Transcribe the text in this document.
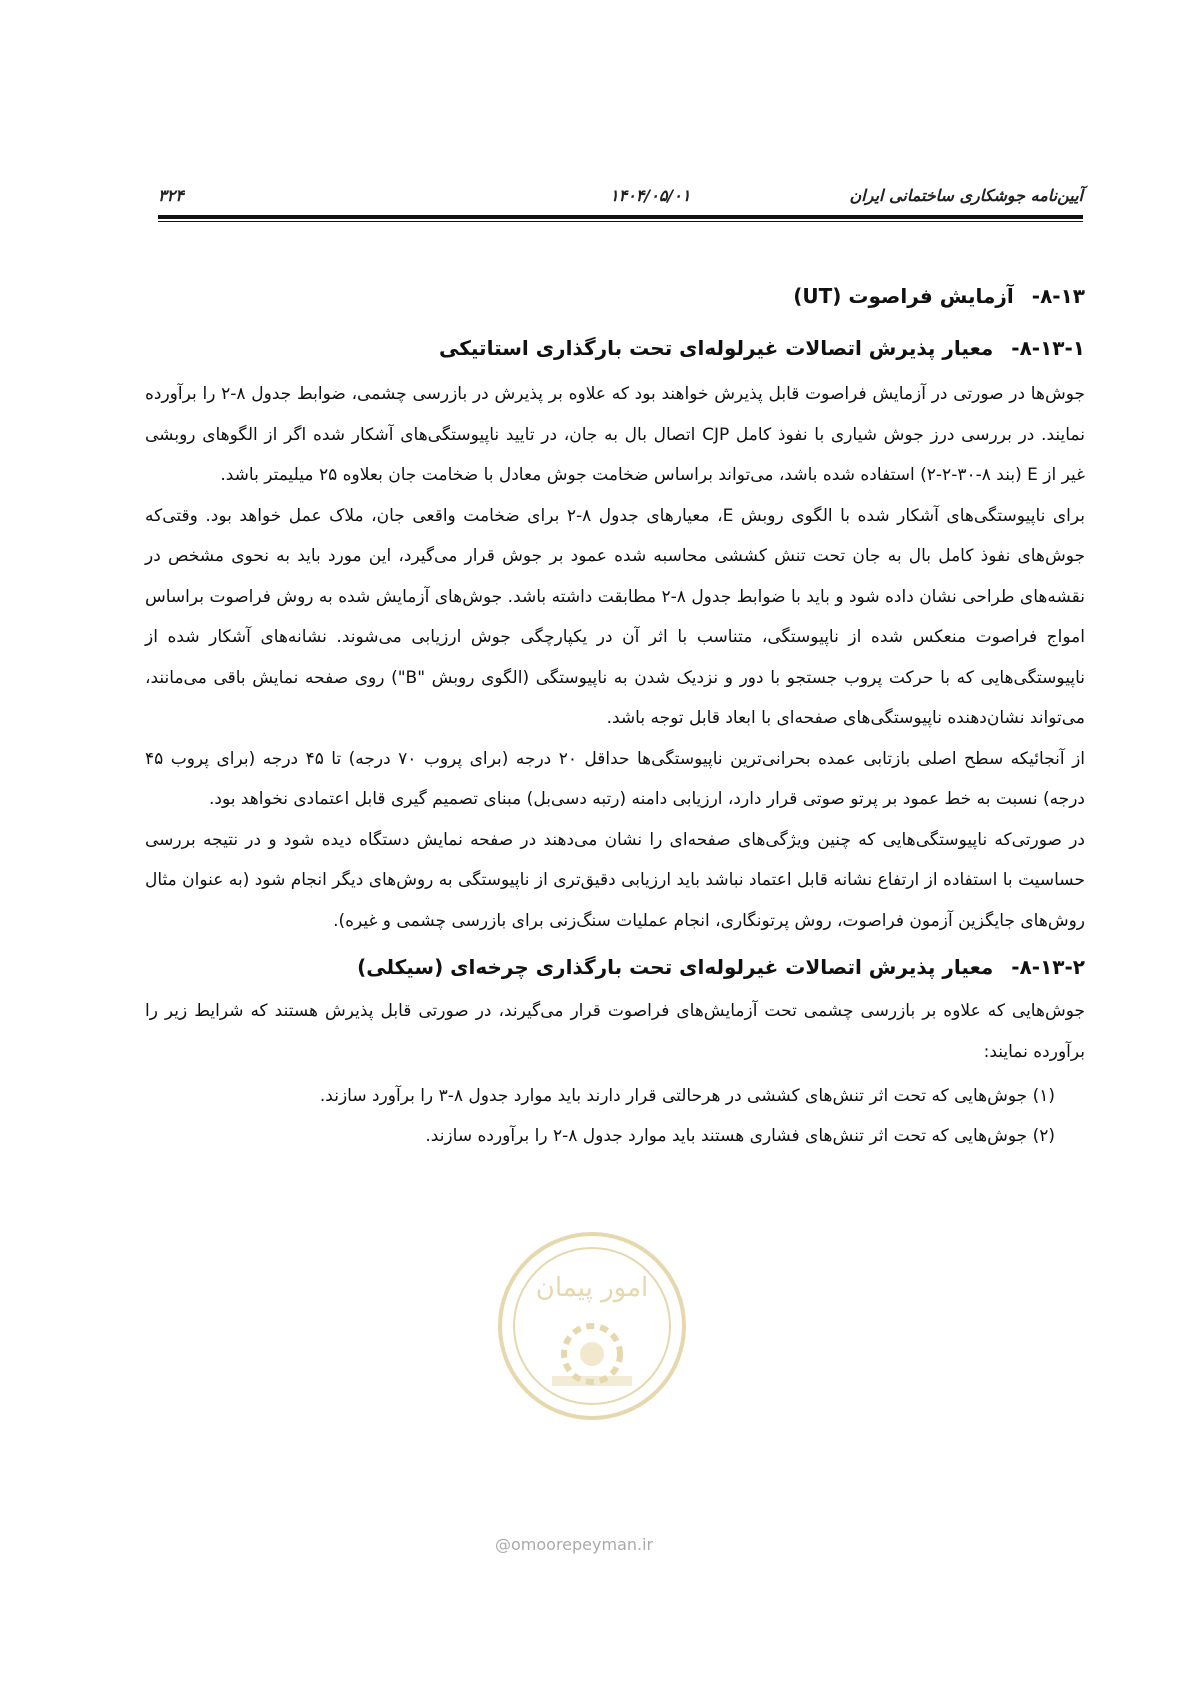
۳۲۴	۱۴۰۴/۰۵/۰۱	آیین‌نامه جوشکاری ساختمانی ایران
۸-۱۳-آزمایش فراصوت (UT)
۸-۱۳-۱-معیار پذیرش اتصالات غیرلوله‌ای تحت بارگذاری استاتیکی

جوش‌ها در صورتی در آزمایش فراصوت قابل پذیرش خواهند بود که علاوه بر پذیرش در بازرسی چشمی، ضوابط جدول ۸-۲ را برآورده نمایند. در بررسی درز جوش شیاری با نفوذ کامل CJP اتصال بال به جان، در تایید ناپیوستگی‌های آشکار شده اگر از الگوهای روبشی غیر از E (بند ۸-۳۰-۲-۲) استفاده شده باشد، می‌تواند براساس ضخامت جوش معادل با ضخامت جان بعلاوه ۲۵ میلیمتر باشد.

برای ناپیوستگی‌های آشکار شده با الگوی روبش E، معیارهای جدول ۸-۲ برای ضخامت واقعی جان، ملاک عمل خواهد بود. وقتی‌که جوش‌های نفوذ کامل بال به جان تحت تنش کششی محاسبه شده عمود بر جوش قرار می‌گیرد، این مورد باید به نحوی مشخص در نقشه‌های طراحی نشان داده شود و باید با ضوابط جدول ۸-۲ مطابقت داشته باشد. جوش‌های آزمایش شده به روش فراصوت براساس امواج فراصوت منعکس شده از ناپیوستگی، متناسب با اثر آن در یکپارچگی جوش ارزیابی می‌شوند. نشانه‌های آشکار شده از ناپیوستگی‌هایی که با حرکت پروب جستجو با دور و نزدیک شدن به ناپیوستگی (الگوی روبش "B") روی صفحه نمایش باقی می‌مانند، می‌تواند نشان‌دهنده ناپیوستگی‌های صفحه‌ای با ابعاد قابل توجه باشد.

از آنجائیکه سطح اصلی بازتابی عمده بحرانی‌ترین ناپیوستگی‌ها حداقل ۲۰ درجه (برای پروب ۷۰ درجه) تا ۴۵ درجه (برای پروب ۴۵ درجه) نسبت به خط عمود بر پرتو صوتی قرار دارد، ارزیابی دامنه (رتبه دسی‌بل) مبنای تصمیم گیری قابل اعتمادی نخواهد بود.

در صورتی‌که ناپیوستگی‌هایی که چنین ویژگی‌های صفحه‌ای را نشان می‌دهند در صفحه نمایش دستگاه دیده شود و در نتیجه بررسی حساسیت با استفاده از ارتفاع نشانه قابل اعتماد نباشد باید ارزیابی دقیق‌تری از ناپیوستگی به روش‌های دیگر انجام شود (به عنوان مثال روش‌های جایگزین آزمون فراصوت، روش پرتونگاری، انجام عملیات سنگ‌زنی برای بازرسی چشمی و غیره).

۸-۱۳-۲-معیار پذیرش اتصالات غیرلوله‌ای تحت بارگذاری چرخه‌ای (سیکلی)

جوش‌هایی که علاوه بر بازرسی چشمی تحت آزمایش‌های فراصوت قرار می‌گیرند، در صورتی قابل پذیرش هستند که شرایط زیر را برآورده نمایند:

(۱) جوش‌هایی که تحت اثر تنش‌های کششی در هرحالتی قرار دارند باید موارد جدول ۸-۳ را برآورد سازند.
(۲) جوش‌هایی که تحت اثر تنش‌های فشاری هستند باید موارد جدول ۸-۲ را برآورده سازند.
امور پیمان
@omoorepeyman.ir
